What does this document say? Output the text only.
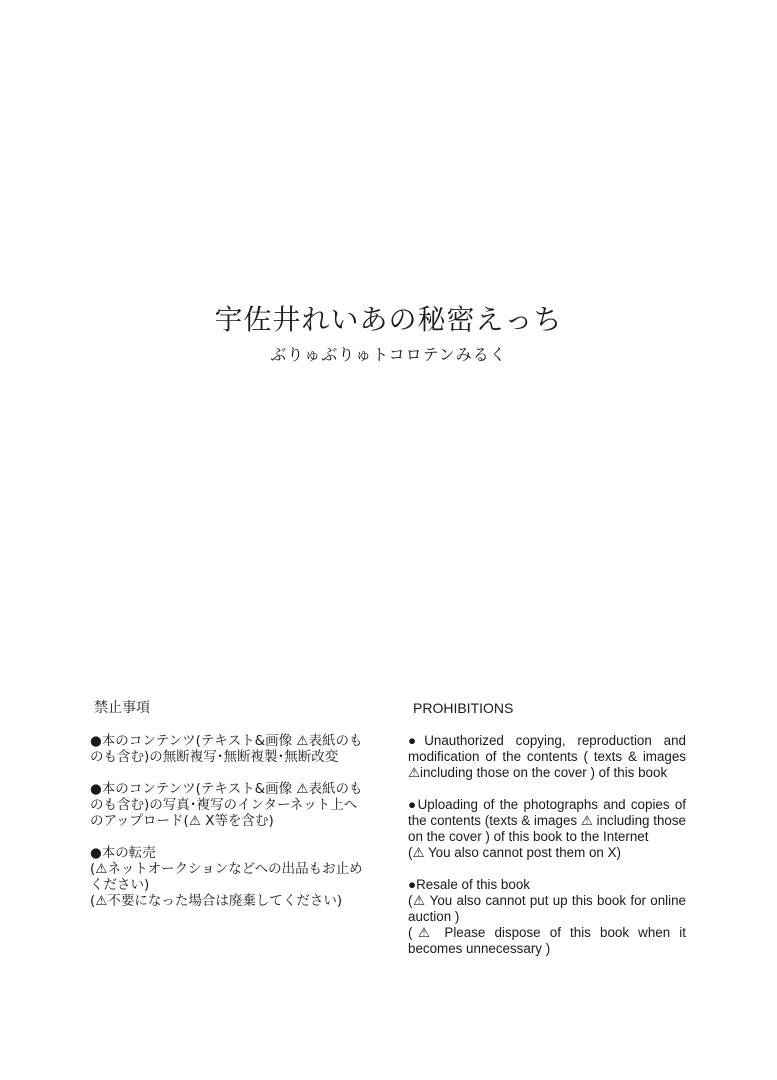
宇佐井れいあの秘密えっち
ぶりゅぶりゅトコロテンみるく
禁止事項

●本のコンテンツ(テキスト&画像 ⚠表紙のものも含む)の無断複写･無断複製･無断改変

●本のコンテンツ(テキスト&画像 ⚠表紙のものも含む)の写真･複写のインターネット上へのアップロード(⚠ X等を含む)

●本の転売

(⚠ネットオークションなどへの出品もお止めください)

(⚠不要になった場合は廃棄してください)

PROHIBITIONS

●Unauthorized copying, reproduction and modification of the contents ( texts & images ⚠including those on the cover ) of this book

●Uploading of the photographs and copies of the contents (texts & images ⚠ including those on the cover ) of this book to the Internet

(⚠ You also cannot post them on X)

●Resale of this book

(⚠ You also cannot put up this book for online auction )

(⚠ Please dispose of this book when it becomes unnecessary )
